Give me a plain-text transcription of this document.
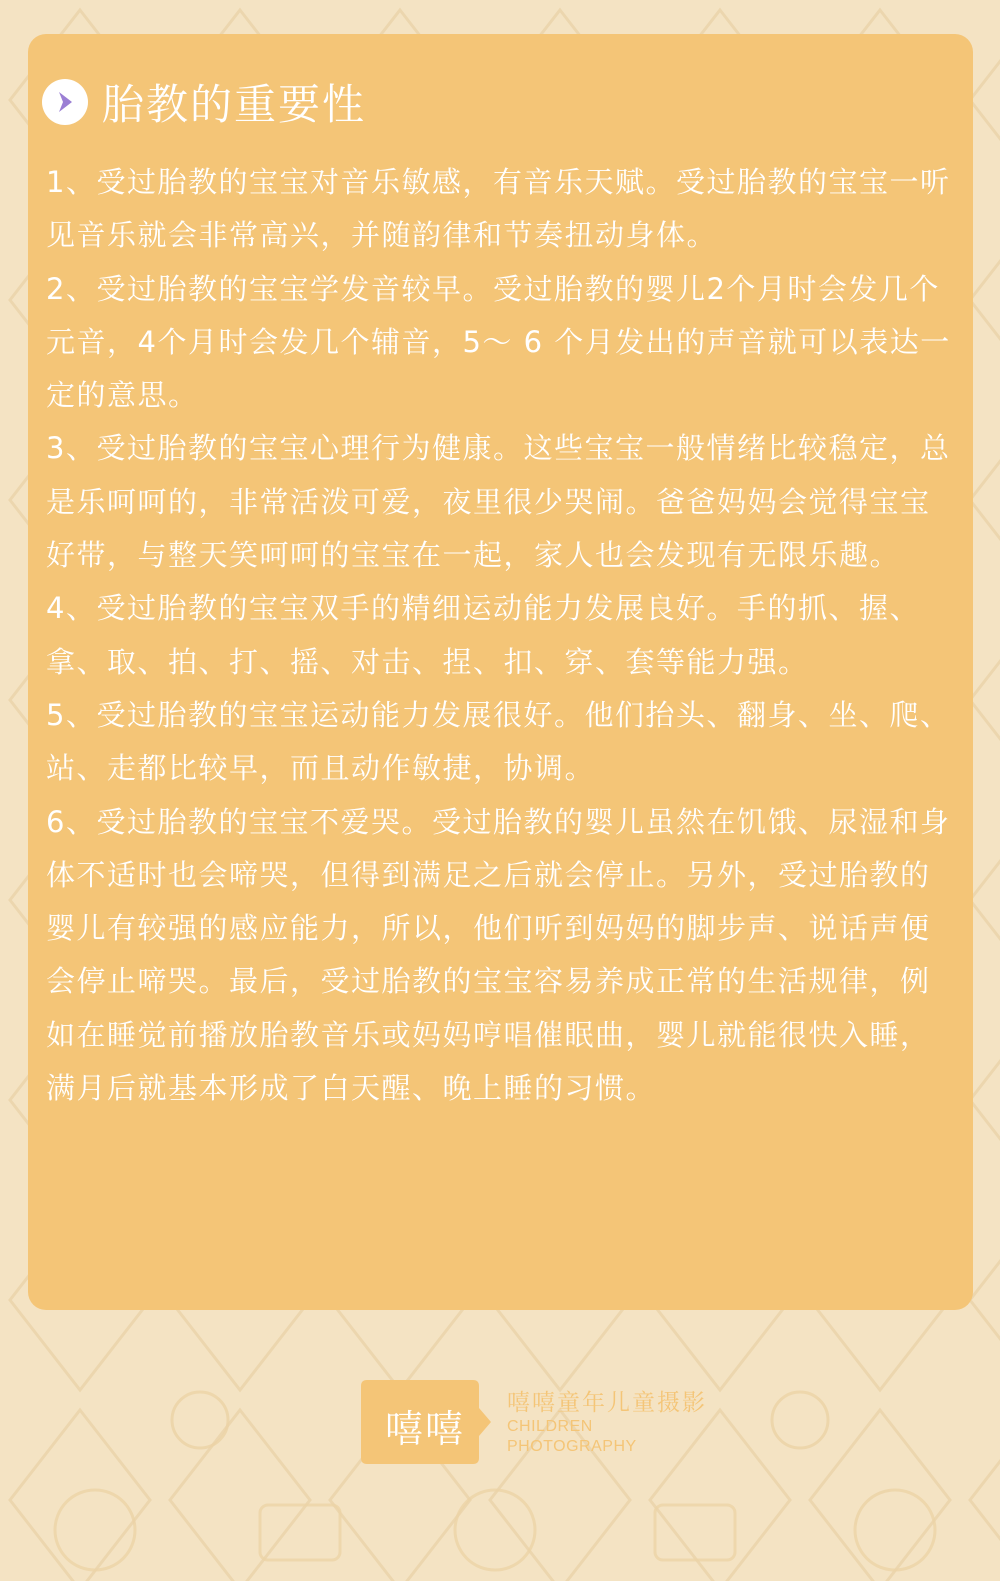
胎教的重要性

1、受过胎教的宝宝对音乐敏感，有音乐天赋。受过胎教的宝宝一听见音乐就会非常高兴，并随韵律和节奏扭动身体。

2、受过胎教的宝宝学发音较早。受过胎教的婴儿2个月时会发几个元音，4个月时会发几个辅音，5～ 6 个月发出的声音就可以表达一定的意思。

3、受过胎教的宝宝心理行为健康。这些宝宝一般情绪比较稳定，总是乐呵呵的，非常活泼可爱，夜里很少哭闹。爸爸妈妈会觉得宝宝好带，与整天笑呵呵的宝宝在一起，家人也会发现有无限乐趣。

4、受过胎教的宝宝双手的精细运动能力发展良好。手的抓、握、拿、取、拍、打、摇、对击、捏、扣、穿、套等能力强。

5、受过胎教的宝宝运动能力发展很好。他们抬头、翻身、坐、爬、站、走都比较早，而且动作敏捷，协调。

6、受过胎教的宝宝不爱哭。受过胎教的婴儿虽然在饥饿、尿湿和身体不适时也会啼哭，但得到满足之后就会停止。另外，受过胎教的婴儿有较强的感应能力，所以，他们听到妈妈的脚步声、说话声便会停止啼哭。最后，受过胎教的宝宝容易养成正常的生活规律，例如在睡觉前播放胎教音乐或妈妈哼唱催眠曲，婴儿就能很快入睡，满月后就基本形成了白天醒、晚上睡的习惯。

嘻嘻
嘻嘻童年儿童摄影
CHILDREN
PHOTOGRAPHY
